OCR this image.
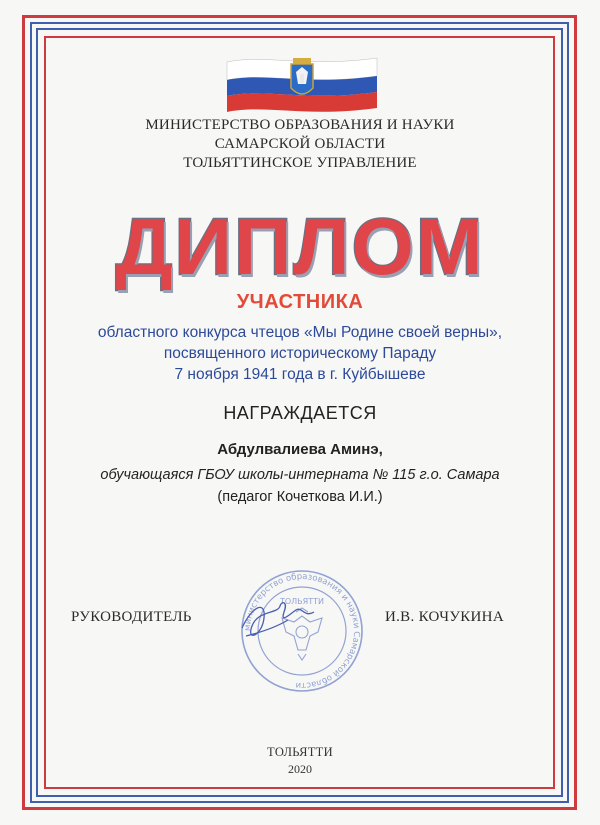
МИНИСТЕРСТВО ОБРАЗОВАНИЯ И НАУКИ
САМАРСКОЙ ОБЛАСТИ
ТОЛЬЯТТИНСКОЕ УПРАВЛЕНИЕ
ДИПЛОМ
УЧАСТНИКА
областного конкурса чтецов «Мы Родине своей верны»,
посвященного историческому Параду
7 ноября 1941 года в г. Куйбышеве
НАГРАЖДАЕТСЯ
Абдулвалиева Аминэ,
обучающаяся ГБОУ школы-интерната № 115 г.о. Самара
(педагог Кочеткова И.И.)
РУКОВОДИТЕЛЬ	И.В. КОЧУКИНА
министерство образования и науки Самарской области
ТОЛЬЯТТИ
ТОЛЬЯТТИ
2020
